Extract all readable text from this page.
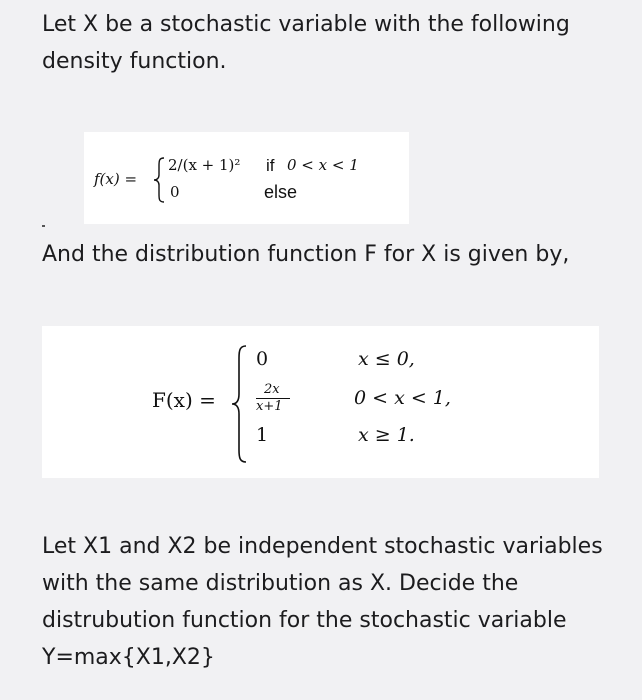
Let X be a stochastic variable with the following density function.

f(x) =
2/(x + 1)² if 0 < x < 1
0	else

And the distribution function F for X is given by,

F(x) =
0
2x
x+1
1
x ≤ 0,
0 < x < 1,
x ≥ 1.

Let X1 and X2 be independent stochastic variables with the same distribution as X. Decide the distrubution function for the stochastic variable Y=max{X1,X2}
